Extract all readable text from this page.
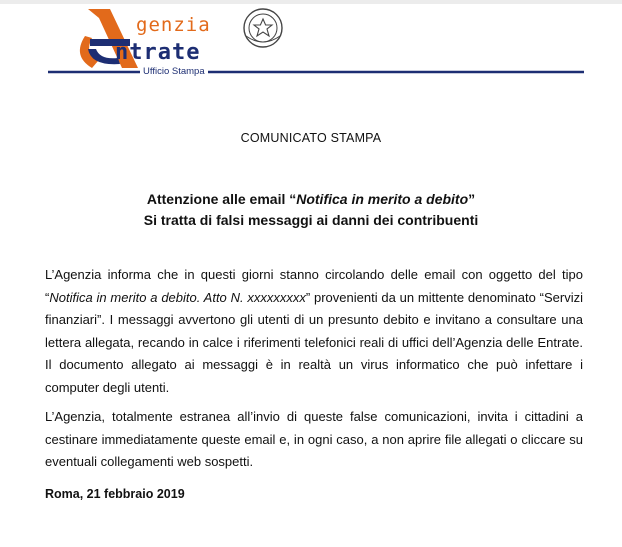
genzia
ntrate
Ufficio Stampa
COMUNICATO STAMPA
Attenzione alle email “Notifica in merito a debito”
Si tratta di falsi messaggi ai danni dei contribuenti

L’Agenzia informa che in questi giorni stanno circolando delle email con oggetto del tipo “Notifica in merito a debito. Atto N. xxxxxxxxx” provenienti da un mittente denominato “Servizi finanziari”. I messaggi avvertono gli utenti di un presunto debito e invitano a consultare una lettera allegata, recando in calce i riferimenti telefonici reali di uffici dell’Agenzia delle Entrate. Il documento allegato ai messaggi è in realtà un virus informatico che può infettare i computer degli utenti.

L’Agenzia, totalmente estranea all’invio di queste false comunicazioni, invita i cittadini a cestinare immediatamente queste email e, in ogni caso, a non aprire file allegati o cliccare su eventuali collegamenti web sospetti.

Roma, 21 febbraio 2019
